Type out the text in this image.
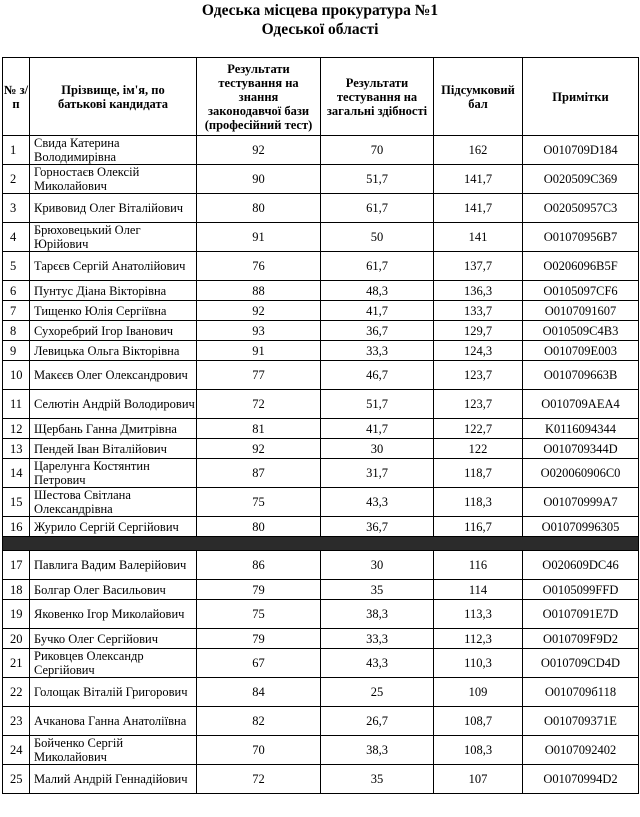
Одеська місцева прокуратура №1
Одеської області
№ з/п	Прізвище, ім'я, по батькові кандидата	Результати тестування на знання законодавчої бази (професійний тест)	Результати тестування на загальні здібності	Підсумковий бал	Примітки
1	Свида Катерина Володимирівна	92	70	162	O010709D184
2	Горностаєв Олексій Миколайович	90	51,7	141,7	O020509C369
3	Кривовид Олег Віталійович	80	61,7	141,7	O02050957C3
4	Брюховецький Олег Юрійович	91	50	141	O01070956B7
5	Тарєєв Сергій Анатолійович	76	61,7	137,7	O0206096B5F
6	Пунтус Діана Вікторівна	88	48,3	136,3	O0105097CF6
7	Тищенко Юлія Сергіївна	92	41,7	133,7	O0107091607
8	Сухоребрий Ігор Іванович	93	36,7	129,7	O010509C4B3
9	Левицька Ольга Вікторівна	91	33,3	124,3	O010709E003
10	Макєєв Олег Олександрович	77	46,7	123,7	O010709663B
11	Селютін Андрій Володирович	72	51,7	123,7	O010709AEA4
12	Щербань Ганна Дмитрівна	81	41,7	122,7	K0116094344
13	Пендей Іван Віталійович	92	30	122	O010709344D
14	Царелунга Костянтин Петрович	87	31,7	118,7	O020060906C0
15	Шестова Світлана Олександрівна	75	43,3	118,3	O01070999A7
16	Журило Сергій Сергійович	80	36,7	116,7	O01070996305

17	Павлига Вадим Валерійович	86	30	116	O020609DC46
18	Болгар Олег Васильович	79	35	114	O0105099FFD
19	Яковенко Ігор Миколайович	75	38,3	113,3	O0107091E7D
20	Бучко Олег Сергійович	79	33,3	112,3	O010709F9D2
21	Риковцев Олександр Сергійович	67	43,3	110,3	O010709CD4D
22	Голощак Віталій Григорович	84	25	109	O010709б118
23	Ачканова Ганна Анатоліївна	82	26,7	108,7	O010709371E
24	Бойченко Сергій Миколайович	70	38,3	108,3	O0107092402
25	Малий Андрій Геннадійович	72	35	107	O01070994D2
